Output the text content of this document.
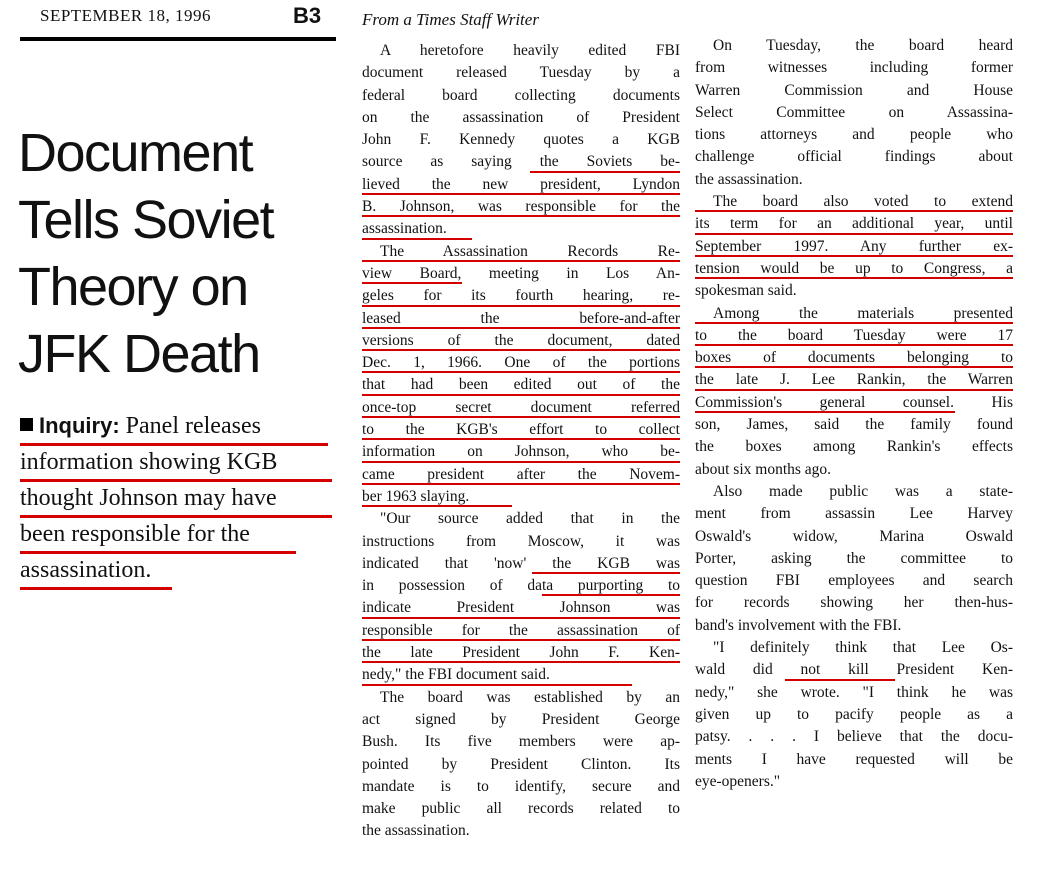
SEPTEMBER 18, 1996	B3 From a Times Staff Writer
Document
Tells Soviet
Theory on
JFK Death
Inquiry: Panel releases
information showing KGB
thought Johnson may have
been responsible for the
assassination.
A heretofore heavily edited FBI
document released Tuesday by a
federal board collecting documents
on the assassination of President
John F. Kennedy quotes a KGB
source as saying the Soviets be-
lieved the new president, Lyndon
B. Johnson, was responsible for the
assassination.
The Assassination Records Re-
view Board, meeting in Los An-
geles for its fourth hearing, re-
leased the before-and-after
versions of the document, dated
Dec. 1, 1966. One of the portions
that had been edited out of the
once-top secret document referred
to the KGB's effort to collect
information on Johnson, who be-
came president after the Novem-
ber 1963 slaying.
"Our source added that in the
instructions from Moscow, it was
indicated that 'now' the KGB was
in possession of data purporting to
indicate President Johnson was
responsible for the assassination of
the late President John F. Ken-
nedy," the FBI document said.
The board was established by an
act signed by President George
Bush. Its five members were ap-
pointed by President Clinton. Its
mandate is to identify, secure and
make public all records related to
the assassination.
On Tuesday, the board heard
from witnesses including former
Warren Commission and House
Select Committee on Assassina-
tions attorneys and people who
challenge official findings about
the assassination.
The board also voted to extend
its term for an additional year, until
September 1997. Any further ex-
tension would be up to Congress, a
spokesman said.
Among the materials presented
to the board Tuesday were 17
boxes of documents belonging to
the late J. Lee Rankin, the Warren
Commission's general counsel. His
son, James, said the family found
the boxes among Rankin's effects
about six months ago.
Also made public was a state-
ment from assassin Lee Harvey
Oswald's widow, Marina Oswald
Porter, asking the committee to
question FBI employees and search
for records showing her then-hus-
band's involvement with the FBI.
"I definitely think that Lee Os-
wald did not kill President Ken-
nedy," she wrote. "I think he was
given up to pacify people as a
patsy. . . . I believe that the docu-
ments I have requested will be
eye-openers."
